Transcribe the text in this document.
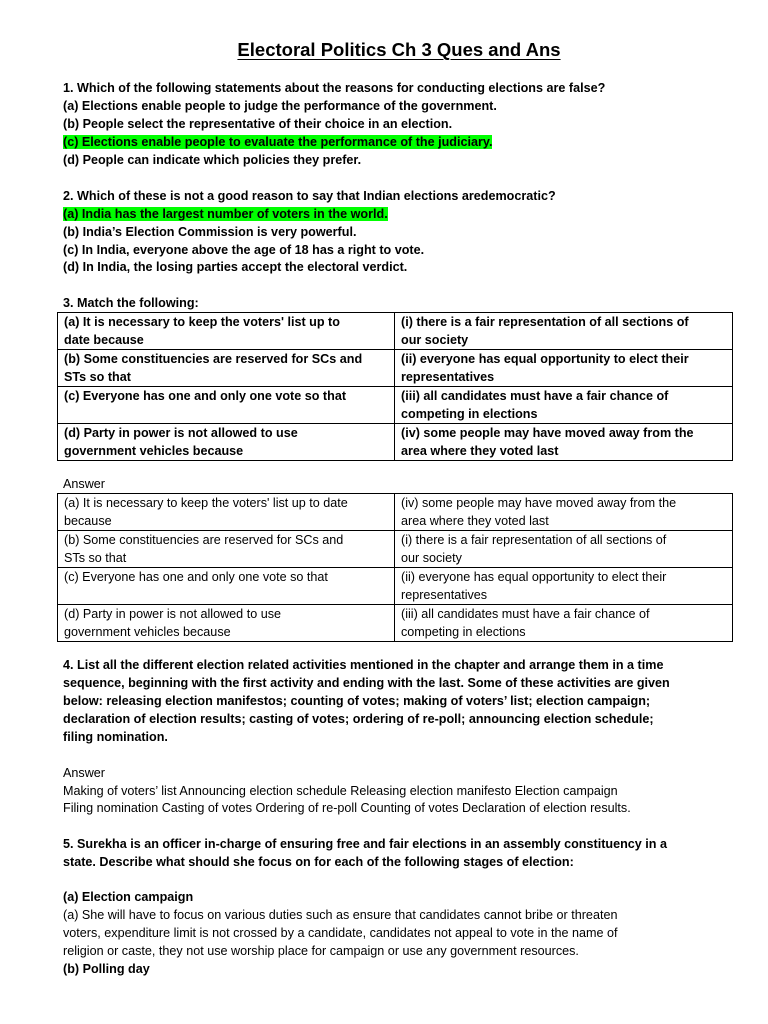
Electoral Politics Ch 3 Ques and Ans
1. Which of the following statements about the reasons for conducting elections are false?
(a) Elections enable people to judge the performance of the government.
(b) People select the representative of their choice in an election.
(c) Elections enable people to evaluate the performance of the judiciary.
(d) People can indicate which policies they prefer.
2. Which of these is not a good reason to say that Indian elections aredemocratic?
(a) India has the largest number of voters in the world.
(b) India’s Election Commission is very powerful.
(c) In India, everyone above the age of 18 has a right to vote.
(d) In India, the losing parties accept the electoral verdict.
3. Match the following:
(a) It is necessary to keep the voters' list up to
date because	(i) there is a fair representation of all sections of
our society
(b) Some constituencies are reserved for SCs and
STs so that	(ii) everyone has equal opportunity to elect their
representatives
(c) Everyone has one and only one vote so that	(iii) all candidates must have a fair chance of
competing in elections
(d) Party in power is not allowed to use
government vehicles because	(iv) some people may have moved away from the
area where they voted last
Answer
(a) It is necessary to keep the voters' list up to date
because	(iv) some people may have moved away from the
area where they voted last
(b) Some constituencies are reserved for SCs and
STs so that	(i) there is a fair representation of all sections of
our society
(c) Everyone has one and only one vote so that	(ii) everyone has equal opportunity to elect their
representatives
(d) Party in power is not allowed to use
government vehicles because	(iii) all candidates must have a fair chance of
competing in elections
4. List all the different election related activities mentioned in the chapter and arrange them in a time
sequence, beginning with the first activity and ending with the last. Some of these activities are given
below: releasing election manifestos; counting of votes; making of voters’ list; election campaign;
declaration of election results; casting of votes; ordering of re-poll; announcing election schedule;
filing nomination.
Answer
Making of voters’ list Announcing election schedule Releasing election manifesto Election campaign
Filing nomination Casting of votes Ordering of re-poll Counting of votes Declaration of election results.
5. Surekha is an officer in-charge of ensuring free and fair elections in an assembly constituency in a
state. Describe what should she focus on for each of the following stages of election:
(a) Election campaign
(a) She will have to focus on various duties such as ensure that candidates cannot bribe or threaten
voters, expenditure limit is not crossed by a candidate, candidates not appeal to vote in the name of
religion or caste, they not use worship place for campaign or use any government resources.
(b) Polling day
